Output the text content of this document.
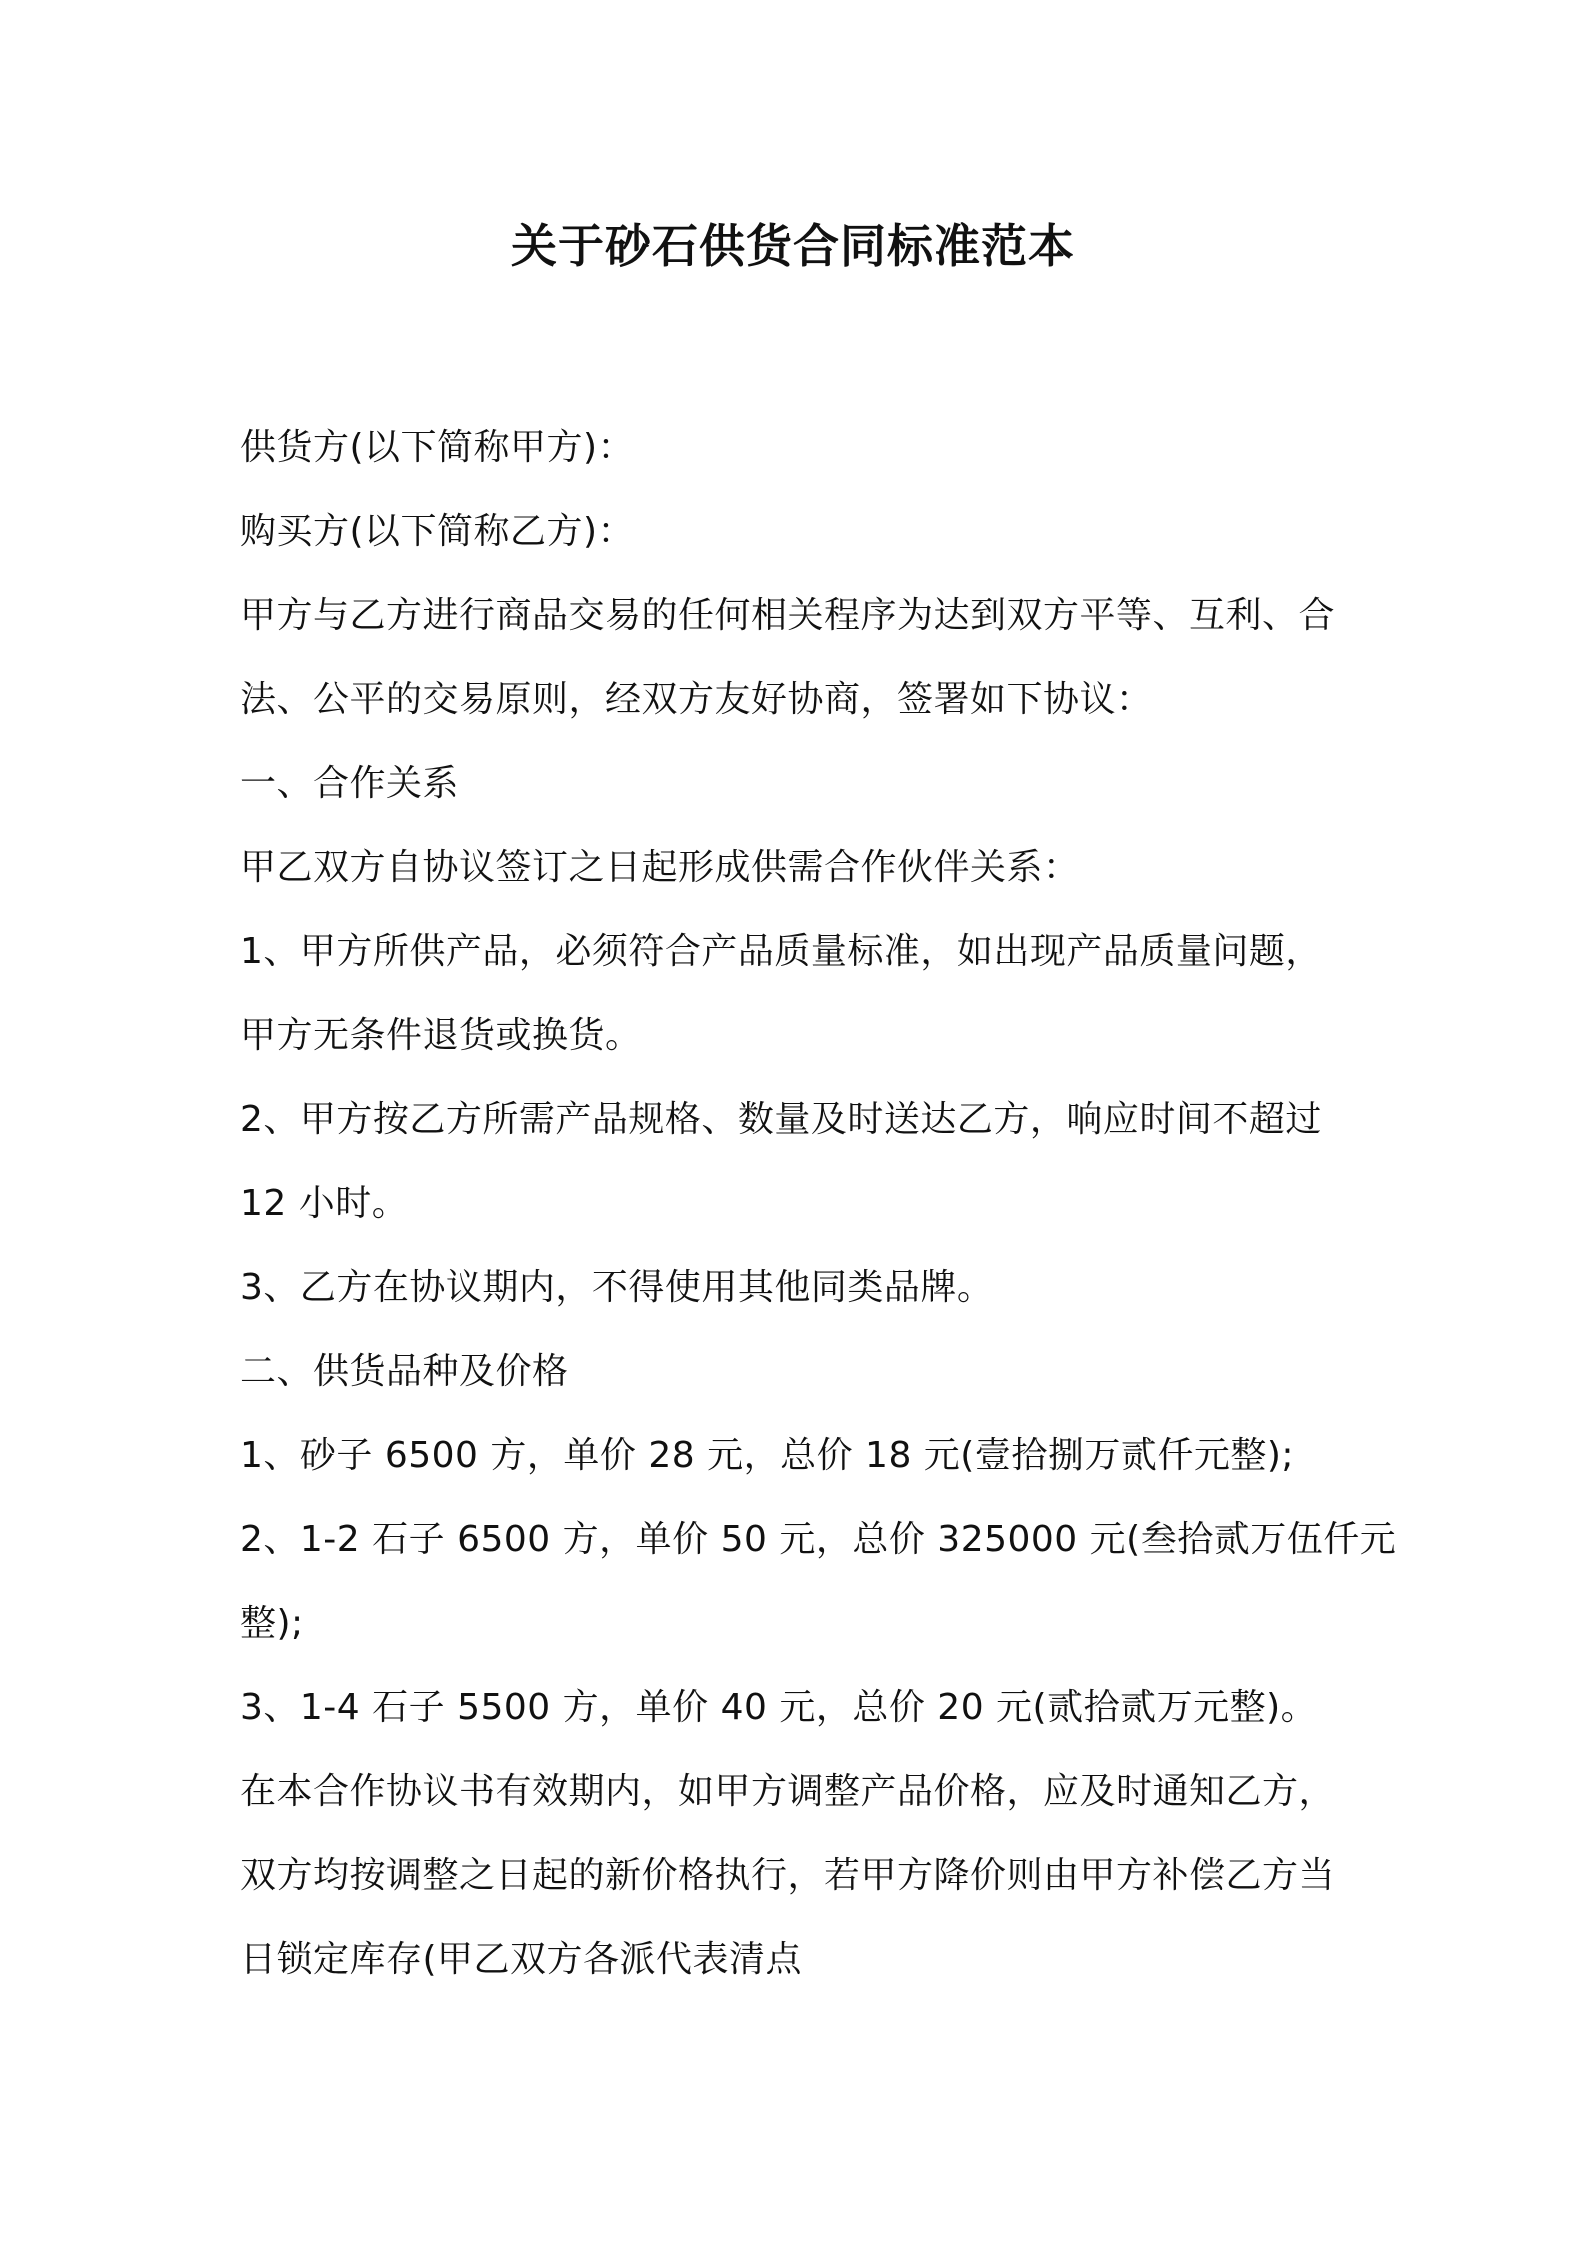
关于砂石供货合同标准范本
供货方(以下简称甲方)：
购买方(以下简称乙方)：
甲方与乙方进行商品交易的任何相关程序为达到双方平等、互利、合
法、公平的交易原则，经双方友好协商，签署如下协议：
一、合作关系
甲乙双方自协议签订之日起形成供需合作伙伴关系：
1、甲方所供产品，必须符合产品质量标准，如出现产品质量问题，
甲方无条件退货或换货。
2、甲方按乙方所需产品规格、数量及时送达乙方，响应时间不超过
12 小时。
3、乙方在协议期内，不得使用其他同类品牌。
二、供货品种及价格
1、砂子 6500 方，单价 28 元，总价 18 元(壹拾捌万贰仟元整);
2、1-2 石子 6500 方，单价 50 元，总价 325000 元(叁拾贰万伍仟元
整);
3、1-4 石子 5500 方，单价 40 元，总价 20 元(贰拾贰万元整)。
在本合作协议书有效期内，如甲方调整产品价格，应及时通知乙方，
双方均按调整之日起的新价格执行，若甲方降价则由甲方补偿乙方当
日锁定库存(甲乙双方各派代表清点
